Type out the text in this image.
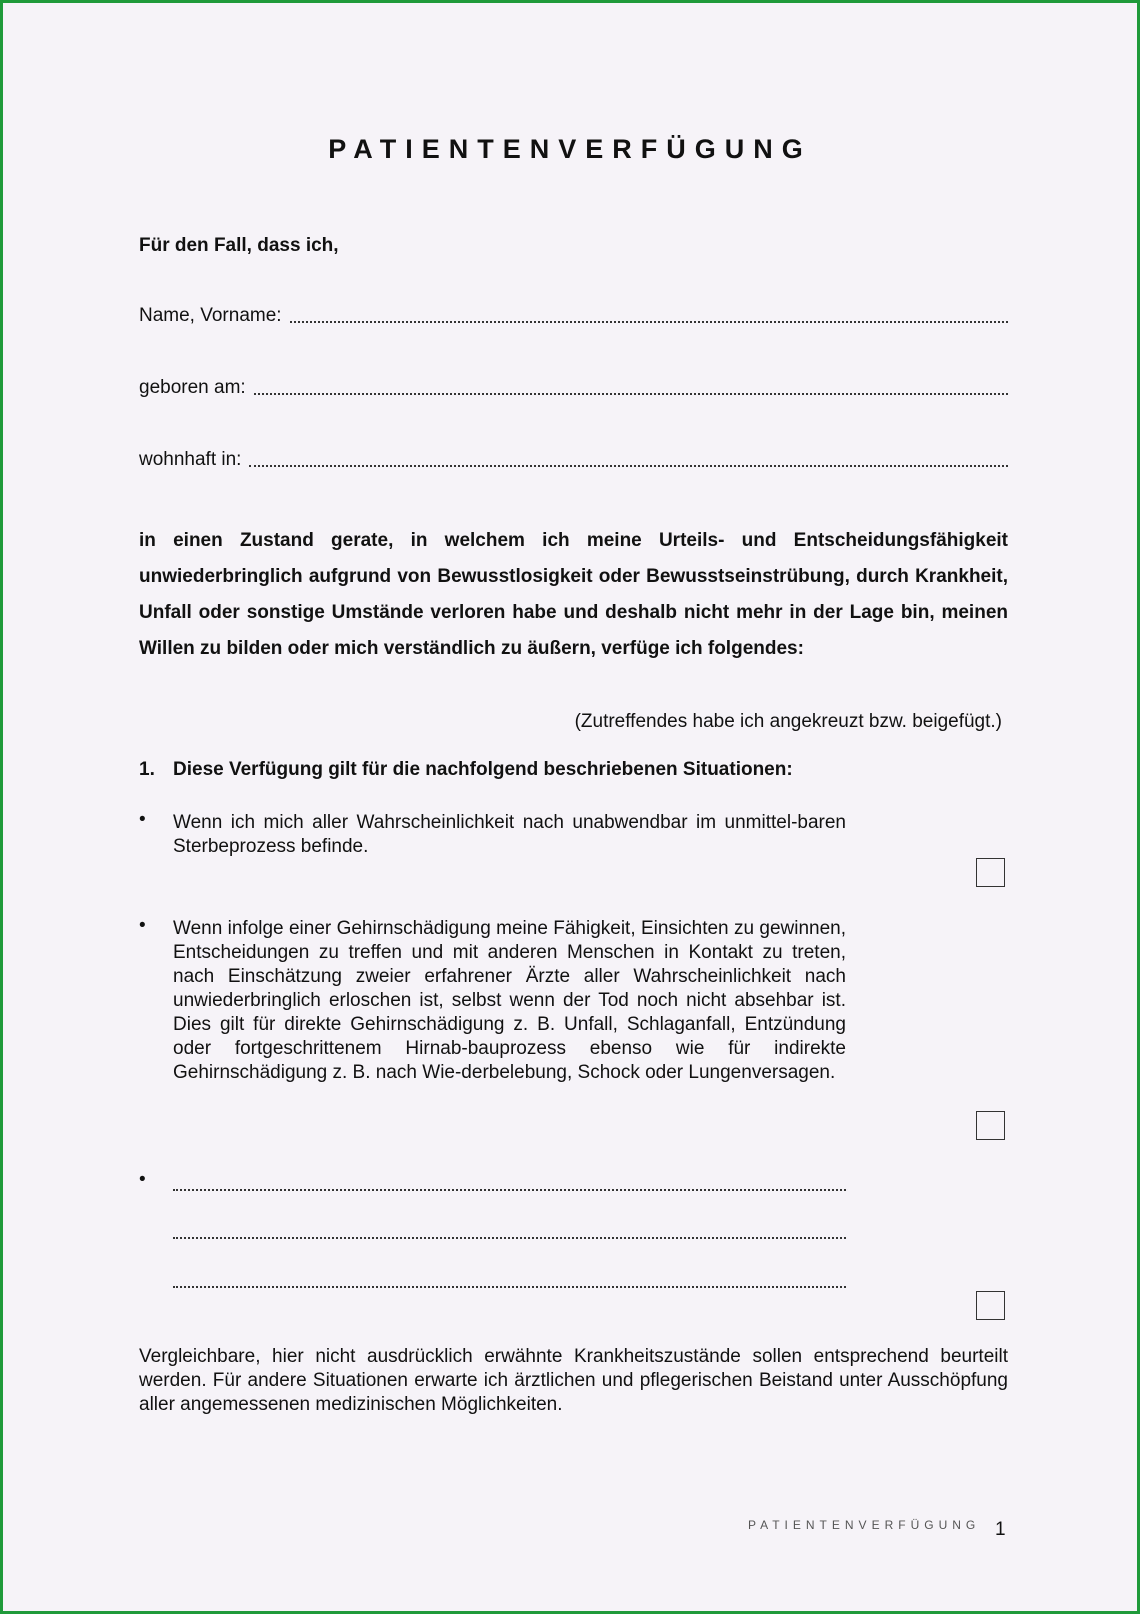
PATIENTENVERFÜGUNG
Für den Fall, dass ich,
Name, Vorname:
geboren am:
wohnhaft in:
in einen Zustand gerate, in welchem ich meine Urteils- und Entscheidungsfähigkeit unwiederbringlich aufgrund von Bewusstlosigkeit oder Bewusstseinstrübung, durch Krankheit, Unfall oder sonstige Umstände verloren habe und deshalb nicht mehr in der Lage bin, meinen Willen zu bilden oder mich verständlich zu äußern, verfüge ich folgendes:
(Zutreffendes habe ich angekreuzt bzw. beigefügt.)
1. Diese Verfügung gilt für die nachfolgend beschriebenen Situationen:
• Wenn ich mich aller Wahrscheinlichkeit nach unabwendbar im unmittel-baren Sterbeprozess befinde.
• Wenn infolge einer Gehirnschädigung meine Fähigkeit, Einsichten zu gewinnen, Entscheidungen zu treffen und mit anderen Menschen in Kontakt zu treten, nach Einschätzung zweier erfahrener Ärzte aller Wahrscheinlichkeit nach unwiederbringlich erloschen ist, selbst wenn der Tod noch nicht absehbar ist. Dies gilt für direkte Gehirnschädigung z. B. Unfall, Schlaganfall, Entzündung oder fortgeschrittenem Hirnab-bauprozess ebenso wie für indirekte Gehirnschädigung z. B. nach Wie-derbelebung, Schock oder Lungenversagen.
•
Vergleichbare, hier nicht ausdrücklich erwähnte Krankheitszustände sollen entsprechend beurteilt werden. Für andere Situationen erwarte ich ärztlichen und pflegerischen Beistand unter Ausschöpfung aller angemessenen medizinischen Möglichkeiten.
PATIENTENVERFÜGUNG 1
